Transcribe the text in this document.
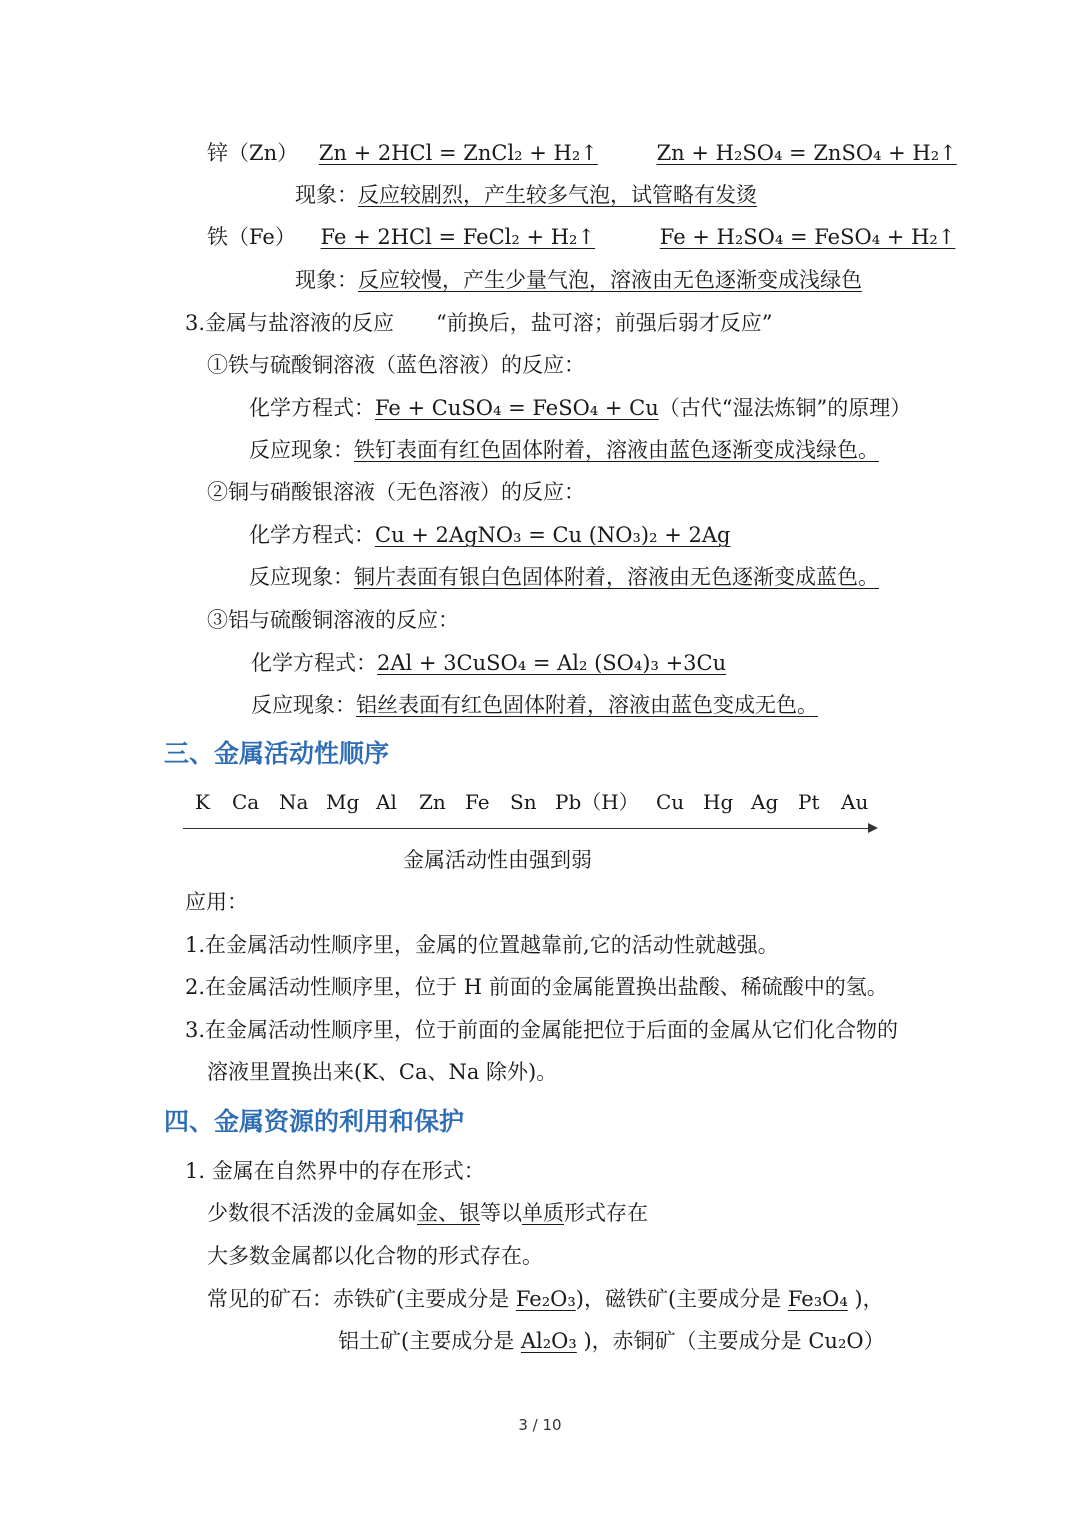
锌（Zn） Zn + 2HCl = ZnCl₂ + H₂↑	Zn + H₂SO₄ = ZnSO₄ + H₂↑
现象：反应较剧烈，产生较多气泡，试管略有发烫
铁（Fe） Fe + 2HCl = FeCl₂ + H₂↑	Fe + H₂SO₄ = FeSO₄ + H₂↑
现象：反应较慢，产生少量气泡，溶液由无色逐渐变成浅绿色
3.金属与盐溶液的反应　　“前换后，盐可溶；前强后弱才反应”
①铁与硫酸铜溶液（蓝色溶液）的反应：
化学方程式：Fe + CuSO₄ = FeSO₄ + Cu（古代“湿法炼铜”的原理）
反应现象：铁钉表面有红色固体附着，溶液由蓝色逐渐变成浅绿色。
②铜与硝酸银溶液（无色溶液）的反应：
化学方程式：Cu + 2AgNO₃ = Cu (NO₃)₂ + 2Ag
反应现象：铜片表面有银白色固体附着，溶液由无色逐渐变成蓝色。
③铝与硫酸铜溶液的反应：
化学方程式：2Al + 3CuSO₄ = Al₂ (SO₄)₃ +3Cu
反应现象：铝丝表面有红色固体附着，溶液由蓝色变成无色。
三、金属活动性顺序
K Ca Na Mg Al Zn Fe Sn Pb（H） Cu Hg Ag Pt Au
金属活动性由强到弱
应用：
1.在金属活动性顺序里，金属的位置越靠前,它的活动性就越强。
2.在金属活动性顺序里，位于 H 前面的金属能置换出盐酸、稀硫酸中的氢。
3.在金属活动性顺序里，位于前面的金属能把位于后面的金属从它们化合物的
溶液里置换出来(K、Ca、Na 除外)。
四、金属资源的利用和保护
1. 金属在自然界中的存在形式：
少数很不活泼的金属如金、银等以单质形式存在
大多数金属都以化合物的形式存在。
常见的矿石：赤铁矿(主要成分是 Fe₂O₃)，磁铁矿(主要成分是 Fe₃O₄ )，
铝土矿(主要成分是 Al₂O₃ )，赤铜矿（主要成分是 Cu₂O）
3 / 10
